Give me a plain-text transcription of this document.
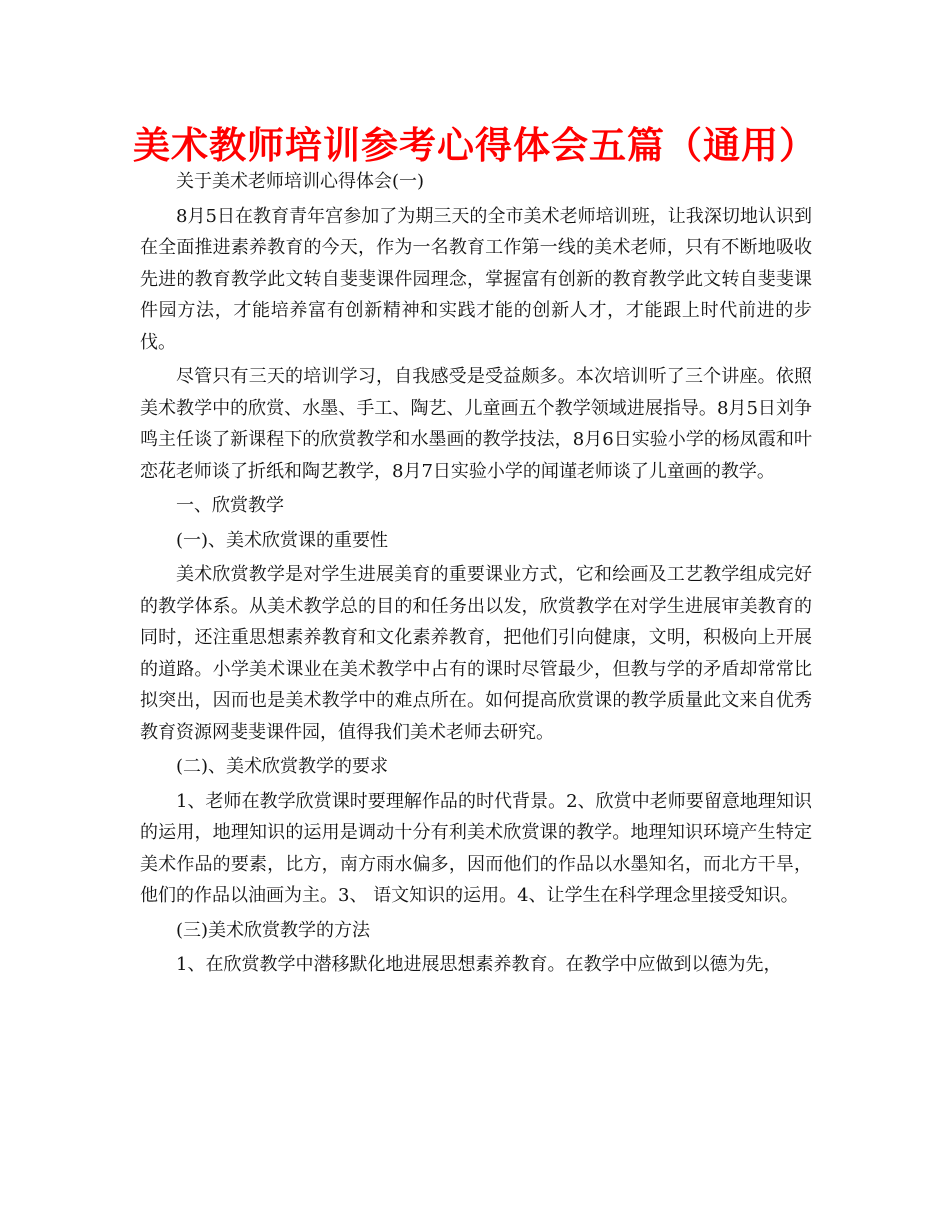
美术教师培训参考心得体会五篇（通用）

关于美术老师培训心得体会(一)

8月5日在教育青年宫参加了为期三天的全市美术老师培训班，让我深切地认识到在全面推进素养教育的今天，作为一名教育工作第一线的美术老师，只有不断地吸收先进的教育教学此文转自斐斐课件园理念，掌握富有创新的教育教学此文转自斐斐课件园方法，才能培养富有创新精神和实践才能的创新人才，才能跟上时代前进的步伐。

尽管只有三天的培训学习，自我感受是受益颇多。本次培训听了三个讲座。依照美术教学中的欣赏、水墨、手工、陶艺、儿童画五个教学领域进展指导。8月5日刘争鸣主任谈了新课程下的欣赏教学和水墨画的教学技法，8月6日实验小学的杨凤霞和叶恋花老师谈了折纸和陶艺教学，8月7日实验小学的闻谨老师谈了儿童画的教学。

一、欣赏教学

(一)、美术欣赏课的重要性

美术欣赏教学是对学生进展美育的重要课业方式，它和绘画及工艺教学组成完好的教学体系。从美术教学总的目的和任务出以发，欣赏教学在对学生进展审美教育的同时，还注重思想素养教育和文化素养教育，把他们引向健康，文明，积极向上开展的道路。小学美术课业在美术教学中占有的课时尽管最少，但教与学的矛盾却常常比拟突出，因而也是美术教学中的难点所在。如何提高欣赏课的教学质量此文来自优秀教育资源网斐斐课件园，值得我们美术老师去研究。

(二)、美术欣赏教学的要求

1、老师在教学欣赏课时要理解作品的时代背景。2、欣赏中老师要留意地理知识的运用，地理知识的运用是调动十分有利美术欣赏课的教学。地理知识环境产生特定美术作品的要素，比方，南方雨水偏多，因而他们的作品以水墨知名，而北方干旱，他们的作品以油画为主。3、 语文知识的运用。4、让学生在科学理念里接受知识。

(三)美术欣赏教学的方法

1、在欣赏教学中潜移默化地进展思想素养教育。在教学中应做到以德为先，
